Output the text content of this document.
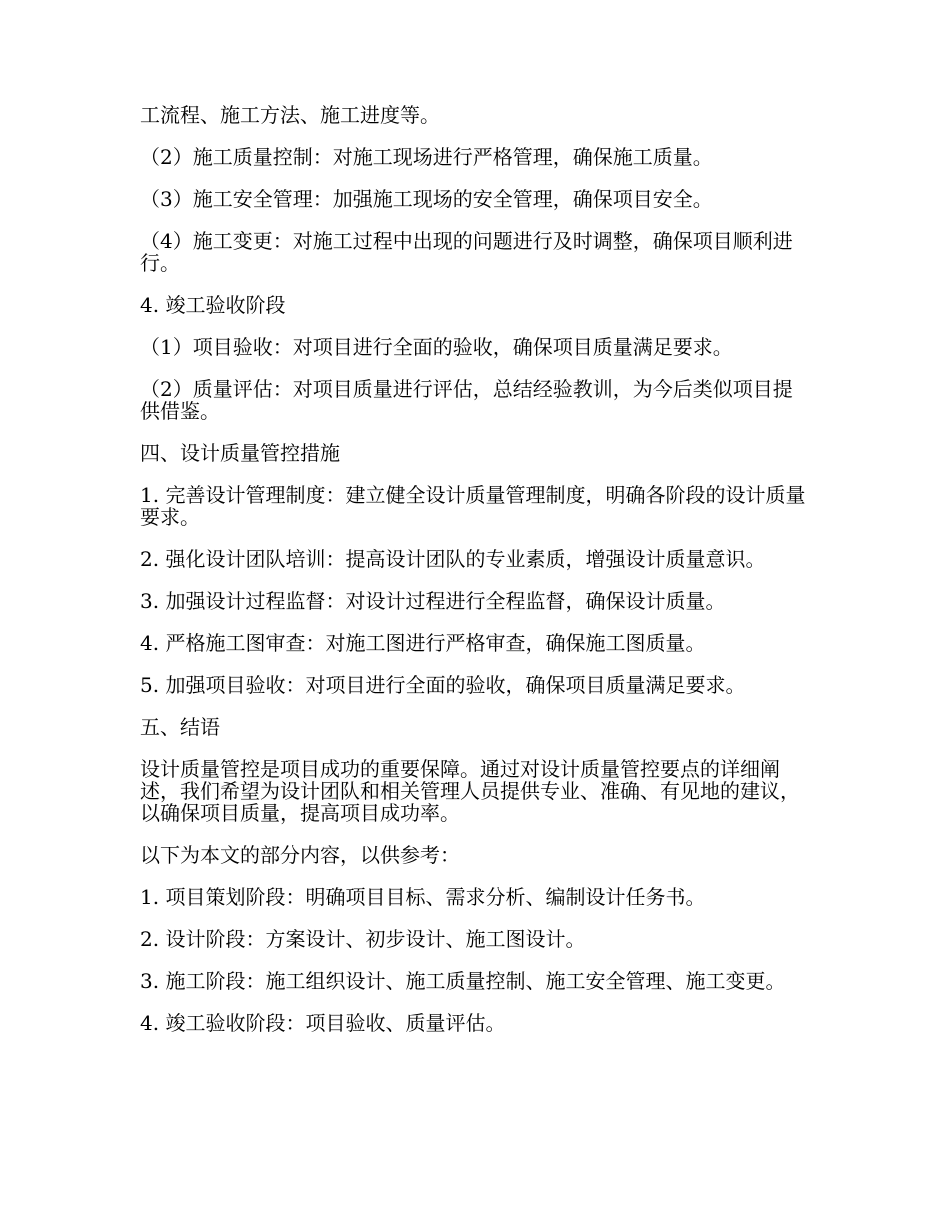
工流程、施工方法、施工进度等。

（2）施工质量控制：对施工现场进行严格管理，确保施工质量。

（3）施工安全管理：加强施工现场的安全管理，确保项目安全。

（4）施工变更：对施工过程中出现的问题进行及时调整，确保项目顺利进行。

4. 竣工验收阶段

（1）项目验收：对项目进行全面的验收，确保项目质量满足要求。

（2）质量评估：对项目质量进行评估，总结经验教训，为今后类似项目提供借鉴。

四、设计质量管控措施

1. 完善设计管理制度：建立健全设计质量管理制度，明确各阶段的设计质量要求。

2. 强化设计团队培训：提高设计团队的专业素质，增强设计质量意识。

3. 加强设计过程监督：对设计过程进行全程监督，确保设计质量。

4. 严格施工图审查：对施工图进行严格审查，确保施工图质量。

5. 加强项目验收：对项目进行全面的验收，确保项目质量满足要求。

五、结语

设计质量管控是项目成功的重要保障。通过对设计质量管控要点的详细阐述，我们希望为设计团队和相关管理人员提供专业、准确、有见地的建议，以确保项目质量，提高项目成功率。

以下为本文的部分内容，以供参考：

1. 项目策划阶段：明确项目目标、需求分析、编制设计任务书。

2. 设计阶段：方案设计、初步设计、施工图设计。

3. 施工阶段：施工组织设计、施工质量控制、施工安全管理、施工变更。

4. 竣工验收阶段：项目验收、质量评估。
